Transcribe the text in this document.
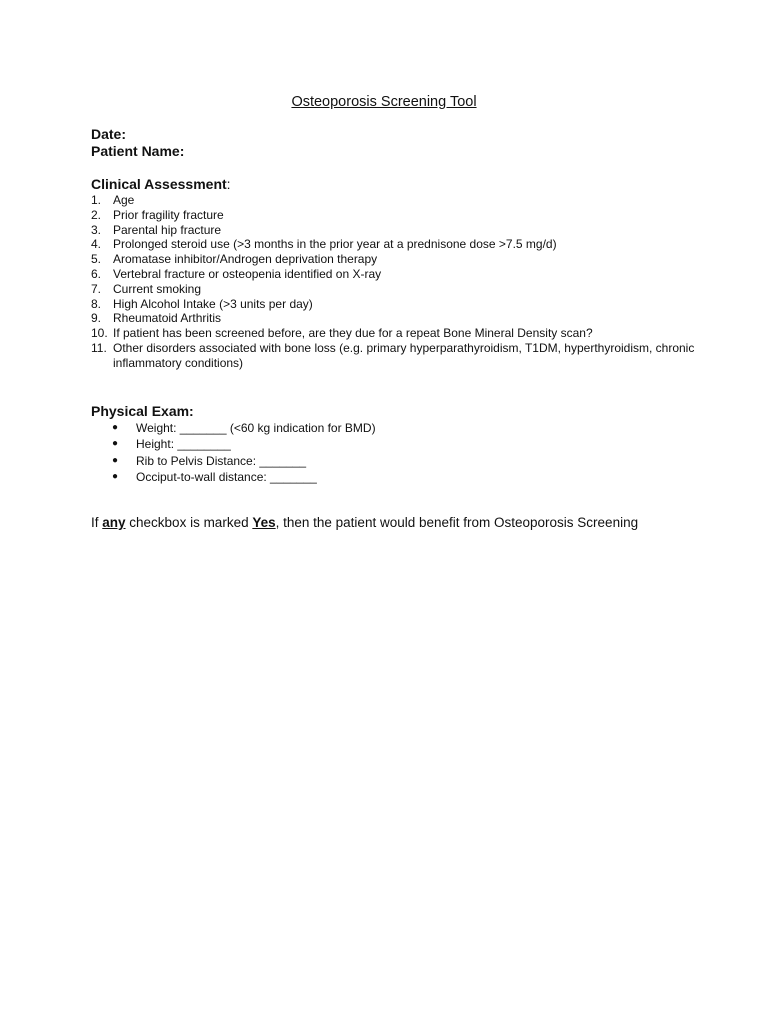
Osteoporosis Screening Tool
Date:
Patient Name:
Clinical Assessment:
1. Age
2. Prior fragility fracture
3. Parental hip fracture
4. Prolonged steroid use (>3 months in the prior year at a prednisone dose >7.5 mg/d)
5. Aromatase inhibitor/Androgen deprivation therapy
6. Vertebral fracture or osteopenia identified on X-ray
7. Current smoking
8. High Alcohol Intake (>3 units per day)
9. Rheumatoid Arthritis
10. If patient has been screened before, are they due for a repeat Bone Mineral Density scan?
11. Other disorders associated with bone loss (e.g. primary hyperparathyroidism, T1DM, hyperthyroidism, chronic inflammatory conditions)
Physical Exam:
● Weight: _______ (<60 kg indication for BMD)
● Height: ________
● Rib to Pelvis Distance: _______
● Occiput-to-wall distance: _______
If any checkbox is marked Yes, then the patient would benefit from Osteoporosis Screening
